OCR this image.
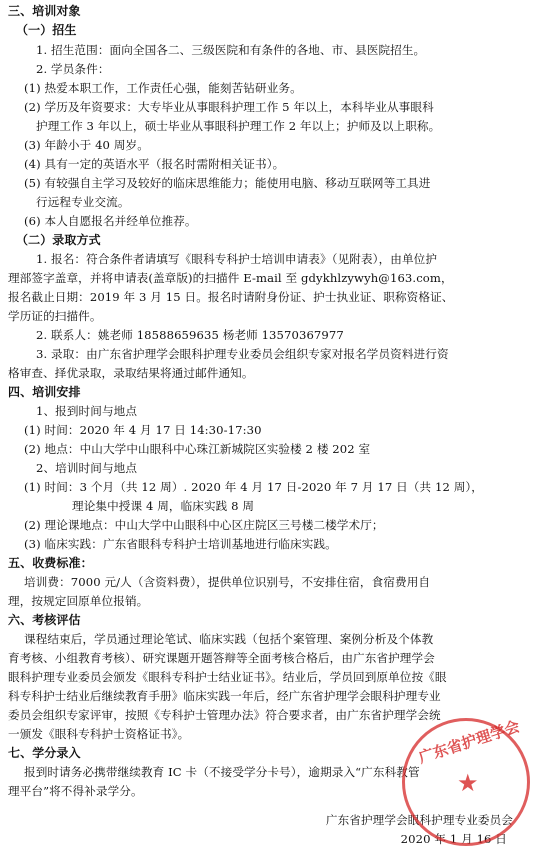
三、培训对象
（一）招生
1. 招生范围：面向全国各二、三级医院和有条件的各地、市、县医院招生。
2. 学员条件：
(1) 热爱本职工作，工作责任心强，能刻苦钻研业务。
(2) 学历及年资要求：大专毕业从事眼科护理工作 5 年以上，本科毕业从事眼科
护理工作 3 年以上，硕士毕业从事眼科护理工作 2 年以上；护师及以上职称。
(3) 年龄小于 40 周岁。
(4) 具有一定的英语水平（报名时需附相关证书）。
(5) 有较强自主学习及较好的临床思维能力；能使用电脑、移动互联网等工具进
行远程专业交流。
(6) 本人自愿报名并经单位推荐。
（二）录取方式
1. 报名：符合条件者请填写《眼科专科护士培训申请表》（见附表），由单位护
理部签字盖章，并将申请表(盖章版)的扫描件 E-mail 至 gdykhlzywyh@163.com，
报名截止日期：2019 年 3 月 15 日。报名时请附身份证、护士执业证、职称资格证、
学历证的扫描件。
2. 联系人：姚老师 18588659635 杨老师 13570367977
3. 录取：由广东省护理学会眼科护理专业委员会组织专家对报名学员资料进行资
格审查、择优录取，录取结果将通过邮件通知。
四、培训安排
1、报到时间与地点
(1) 时间：2020 年 4 月 17 日 14:30-17:30
(2) 地点：中山大学中山眼科中心珠江新城院区实验楼 2 楼 202 室
2、培训时间与地点
(1) 时间：3 个月（共 12 周）. 2020 年 4 月 17 日-2020 年 7 月 17 日（共 12 周），
理论集中授课 4 周，临床实践 8 周
(2) 理论课地点：中山大学中山眼科中心区庄院区三号楼二楼学术厅；
(3) 临床实践：广东省眼科专科护士培训基地进行临床实践。
五、收费标准：
培训费：7000 元/人（含资料费），提供单位识别号，不安排住宿，食宿费用自
理，按规定回原单位报销。
六、考核评估
课程结束后，学员通过理论笔试、临床实践（包括个案管理、案例分析及个体教
育考核、小组教育考核）、研究课题开题答辩等全面考核合格后，由广东省护理学会
眼科护理专业委员会颁发《眼科专科护士结业证书》。结业后，学员回到原单位按《眼
科专科护士结业后继续教育手册》临床实践一年后，经广东省护理学会眼科护理专业
委员会组织专家评审，按照《专科护士管理办法》符合要求者，由广东省护理学会统
一颁发《眼科专科护士资格证书》。
七、学分录入
报到时请务必携带继续教育 IC 卡（不接受学分卡号），逾期录入“广东科教管
理平台”将不得补录学分。
广东省护理学会眼科护理专业委员会
2020 年 1 月 16 日
广东省护理学会
★
